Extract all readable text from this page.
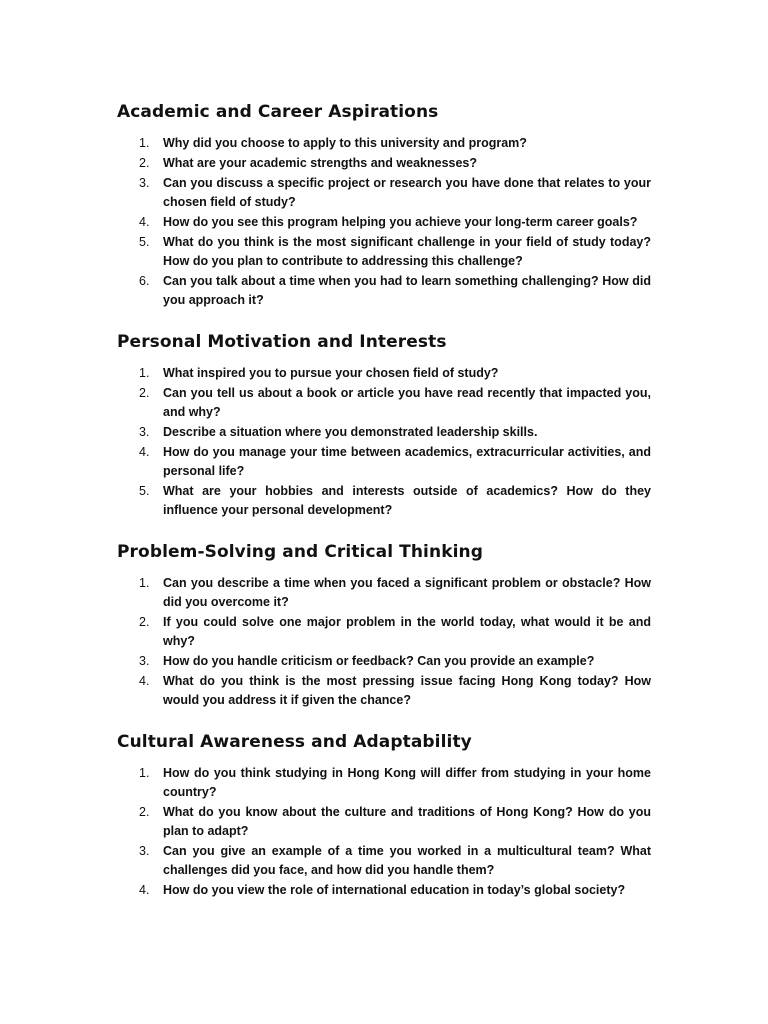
Academic and Career Aspirations
1.	Why did you choose to apply to this university and program?
2.	What are your academic strengths and weaknesses?
3.	Can you discuss a specific project or research you have done that relates to your chosen field of study?
4.	How do you see this program helping you achieve your long-term career goals?
5.	What do you think is the most significant challenge in your field of study today? How do you plan to contribute to addressing this challenge?
6.	Can you talk about a time when you had to learn something challenging? How did you approach it?
Personal Motivation and Interests
1.	What inspired you to pursue your chosen field of study?
2.	Can you tell us about a book or article you have read recently that impacted you, and why?
3.	Describe a situation where you demonstrated leadership skills.
4.	How do you manage your time between academics, extracurricular activities, and personal life?
5.	What are your hobbies and interests outside of academics? How do they influence your personal development?
Problem-Solving and Critical Thinking
1.	Can you describe a time when you faced a significant problem or obstacle? How did you overcome it?
2.	If you could solve one major problem in the world today, what would it be and why?
3.	How do you handle criticism or feedback? Can you provide an example?
4.	What do you think is the most pressing issue facing Hong Kong today? How would you address it if given the chance?
Cultural Awareness and Adaptability
1.	How do you think studying in Hong Kong will differ from studying in your home country?
2.	What do you know about the culture and traditions of Hong Kong? How do you plan to adapt?
3.	Can you give an example of a time you worked in a multicultural team? What challenges did you face, and how did you handle them?
4.	How do you view the role of international education in today’s global society?
